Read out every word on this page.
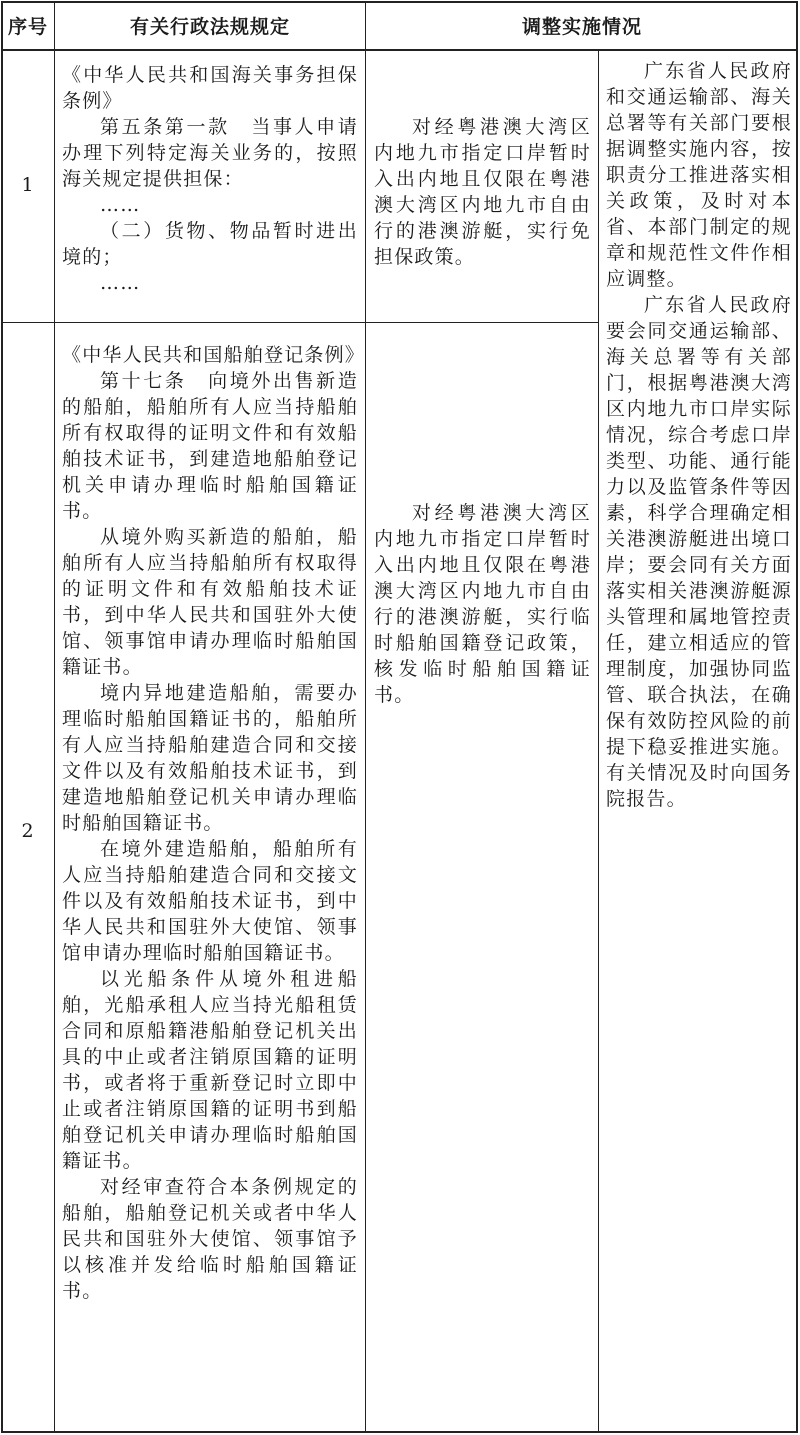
序号	有关行政法规规定	调整实施情况
1

《中华人民共和国海关事务担保条例》

第五条第一款　当事人申请办理下列特定海关业务的，按照海关规定提供担保：

……

（二）货物、物品暂时进出境的；

……

对经粤港澳大湾区内地九市指定口岸暂时入出内地且仅限在粤港澳大湾区内地九市自由行的港澳游艇，实行免担保政策。

2

《中华人民共和国船舶登记条例》

第十七条　向境外出售新造的船舶，船舶所有人应当持船舶所有权取得的证明文件和有效船舶技术证书，到建造地船舶登记机关申请办理临时船舶国籍证书。

从境外购买新造的船舶，船舶所有人应当持船舶所有权取得的证明文件和有效船舶技术证书，到中华人民共和国驻外大使馆、领事馆申请办理临时船舶国籍证书。

境内异地建造船舶，需要办理临时船舶国籍证书的，船舶所有人应当持船舶建造合同和交接文件以及有效船舶技术证书，到建造地船舶登记机关申请办理临时船舶国籍证书。

在境外建造船舶，船舶所有人应当持船舶建造合同和交接文件以及有效船舶技术证书，到中华人民共和国驻外大使馆、领事馆申请办理临时船舶国籍证书。

以光船条件从境外租进船舶，光船承租人应当持光船租赁合同和原船籍港船舶登记机关出具的中止或者注销原国籍的证明书，或者将于重新登记时立即中止或者注销原国籍的证明书到船舶登记机关申请办理临时船舶国籍证书。

对经审查符合本条例规定的船舶，船舶登记机关或者中华人民共和国驻外大使馆、领事馆予以核准并发给临时船舶国籍证书。

对经粤港澳大湾区内地九市指定口岸暂时入出内地且仅限在粤港澳大湾区内地九市自由行的港澳游艇，实行临时船舶国籍登记政策，核发临时船舶国籍证书。

广东省人民政府和交通运输部、海关总署等有关部门要根据调整实施内容，按职责分工推进落实相关政策，及时对本省、本部门制定的规章和规范性文件作相应调整。

广东省人民政府要会同交通运输部、海关总署等有关部门，根据粤港澳大湾区内地九市口岸实际情况，综合考虑口岸类型、功能、通行能力以及监管条件等因素，科学合理确定相关港澳游艇进出境口岸；要会同有关方面落实相关港澳游艇源头管理和属地管控责任，建立相适应的管理制度，加强协同监管、联合执法，在确保有效防控风险的前提下稳妥推进实施。有关情况及时向国务院报告。
